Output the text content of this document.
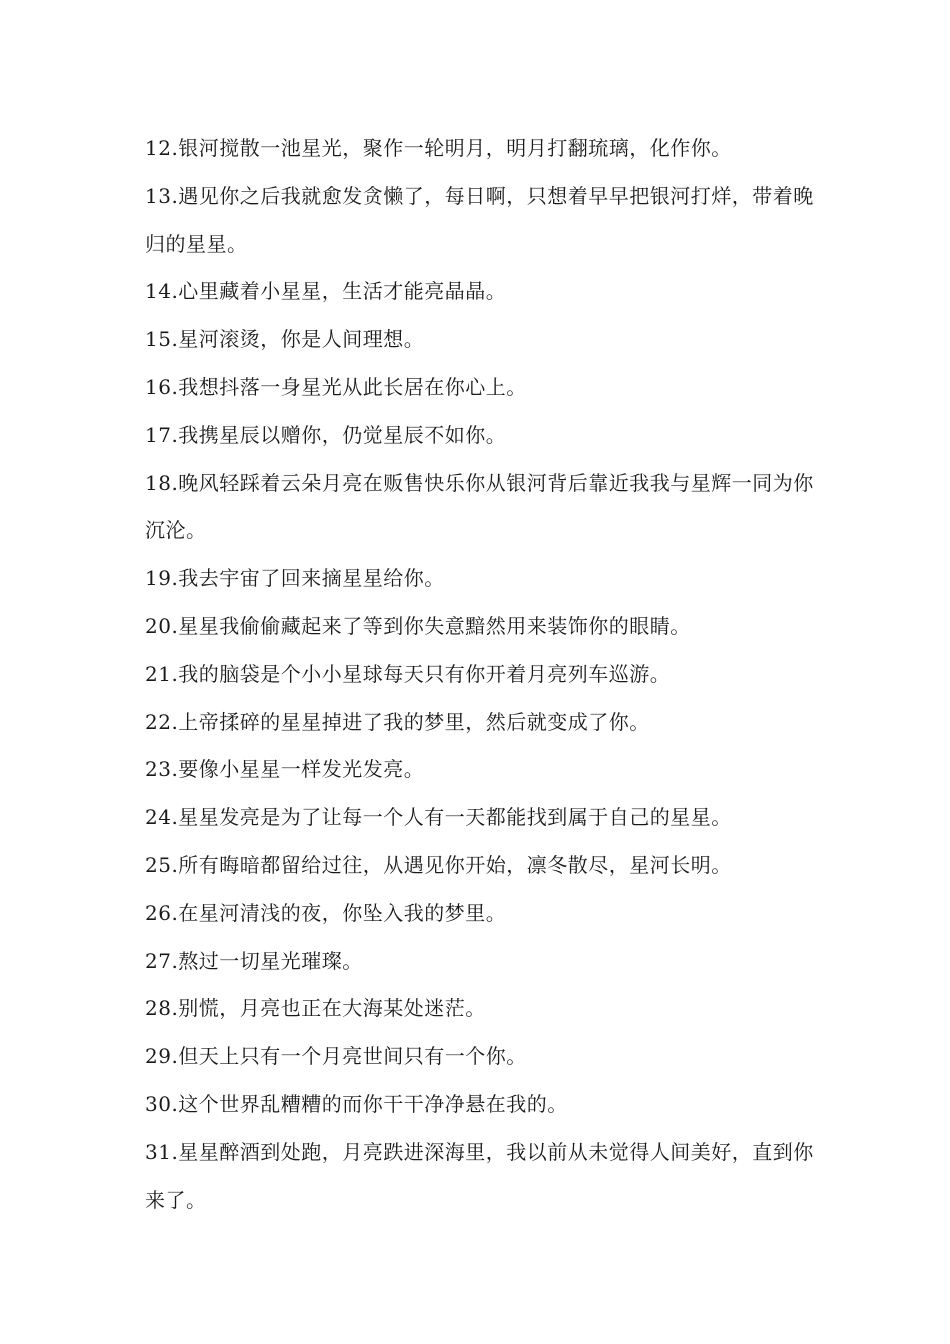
12.银河搅散一池星光，聚作一轮明月，明月打翻琉璃，化作你。
13.遇见你之后我就愈发贪懒了，每日啊，只想着早早把银河打烊，带着晚归的星星。
14.心里藏着小星星，生活才能亮晶晶。
15.星河滚烫，你是人间理想。
16.我想抖落一身星光从此长居在你心上。
17.我携星辰以赠你，仍觉星辰不如你。
18.晚风轻踩着云朵月亮在贩售快乐你从银河背后靠近我我与星辉一同为你沉沦。
19.我去宇宙了回来摘星星给你。
20.星星我偷偷藏起来了等到你失意黯然用来装饰你的眼睛。
21.我的脑袋是个小小星球每天只有你开着月亮列车巡游。
22.上帝揉碎的星星掉进了我的梦里，然后就变成了你。
23.要像小星星一样发光发亮。
24.星星发亮是为了让每一个人有一天都能找到属于自己的星星。
25.所有晦暗都留给过往，从遇见你开始，凛冬散尽，星河长明。
26.在星河清浅的夜，你坠入我的梦里。
27.熬过一切星光璀璨。
28.别慌，月亮也正在大海某处迷茫。
29.但天上只有一个月亮世间只有一个你。
30.这个世界乱糟糟的而你干干净净悬在我的。
31.星星醉酒到处跑，月亮跌进深海里，我以前从未觉得人间美好，直到你来了。
